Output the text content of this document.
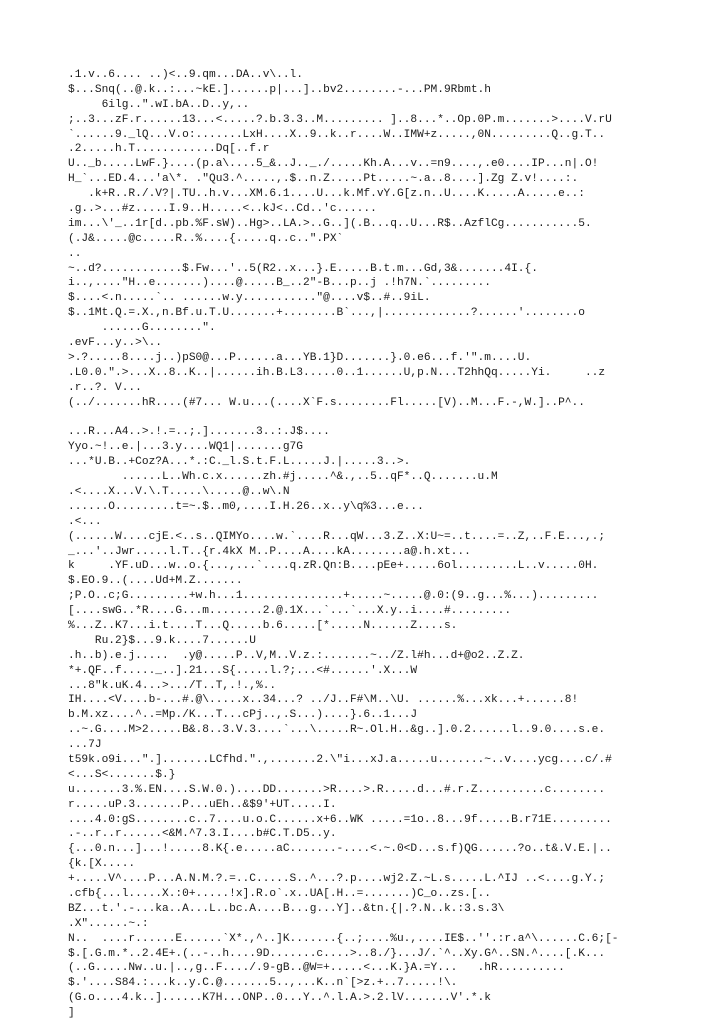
.1.v..6.... ..)<..9.qm...DA..v\..l.
$...Snq(..@.k..:...~kE.]......p|...]..bv2........-...PM.9Rbmt.h
6ilg..".wI.bA..D..y,..
;..3...zF.r......13...<.....?.b.3.3..M......... ]..8...*..Op.0P.m.......>....V.rU
`......9._lQ...V.o:.......LxH....X..9..k..r....W..IMW+z.....,0N.........Q..g.T..
.2.....h.T............Dq[..f.r
U.._b.....LwF.}....(p.a\....5_&..J.._./.....Kh.A...v..=n9....,.e0....IP...n|.O!
H_`...ED.4...'a\*. ."Qu3.^.....,.$..n.Z.....Pt.....~.a..8....].Zg Z.v!....:.
.k+R..R./.V?|.TU..h.v...XM.6.1....U...k.Mf.vY.G[z.n..U....K.....A.....e..:
.g..>...#z.....I.9..H.....<..kJ<..Cd..'c......
im...\'_..1r[d..pb.%F.sW)..Hg>..LA.>..G..](.B...q..U...R$..AzflCg...........5.
(.J&.....@c.....R..%....{.....q..c..".PX`
..
~..d?............$.Fw...'..5(R2..x...}.E.....B.t.m...Gd,3&.......4I.{.
i..,...."H..e.......)....@.....B_..2"-B...p..j .!h7N.`.........
$....<.n.....`.. ......w.y..........."@....v$..#..9iL.
$..1Mt.Q.=.X.,n.Bf.u.T.U.......+........B`...,|.............?......'........o
......G........".
.evF...y..>\..
>.?.....8....j..)pS0@...P......a...YB.1}D.......}.0.e6...f.'".m....U.
.L0.0.".>...X..8..K..|......ih.B.L3.....0..1......U,p.N...T2hhQq.....Yi.     ..z
.r..?. V...
(../.......hR....(#7... W.u...(....X`F.s........Fl.....[V)..M...F.-,W.]..P^..
...R...A4..>.!.=..;.].......3..:.J$....
Yyo.~!..e.|...3.y....WQ1|.......g7G
...*U.B..+Coz?A...*.:C._l.S.t.F.L.....J.|.....3..>.
......L..Wh.c.x......zh.#j.....^&.,..5..qF*..Q.......u.M
.<....X...V.\.T.....\.....@..w\.N
......O.........t=~.$..m0,....I.H.26..x..y\q%3...e...
.<...
(......W....cjE.<..s..QIMYo....w.`....R...qW...3.Z..X:U~=..t....=..Z,..F.E...,.;
_...'..Jwr.....l.T..{r.4kX M..P....A....kA........a@.h.xt...
k     .YF.uD...w..o.{...,...`....q.zR.Qn:B....pEe+.....6ol.........L..v.....0H.
$.EO.9..(....Ud+M.Z.......
;P.O..c;G.........+w.h...1...............+.....~.....@.0:(9..g...%...).........
[....swG..*R....G...m........2.@.1X...`...`...X.y..i....#.........
%...Z..K7...i.t....T...Q.....b.6.....[*.....N......Z....s.
Ru.2}$...9.k....7......U
.h..b).e.j.....  .y@.....P..V,M..V.z.:.......~../Z.l#h...d+@o2..Z.Z.
*+.QF..f....._..].21...S{.....l.?;...<#......'.X...W
...8"k.uK.4...>.../T..T,.!.,%..
IH....<V....b-...#.@\.....x..34...? ../J..F#\M..\U. ......%...xk...+......8!
b.M.xz....^..=Mp./K...T...cPj..,.S...)....}.6..1...J
..~.G....M>2.....B&.8..3.V.3....`...\.....R~.Ol.H..&g..].0.2......l..9.0....s.e.
...7J
t59k.o9i...".].......LCfhd.".,.......2.\"i...xJ.a.....u.......~..v....ycg....c/.#
<...S<.......$.}
u.......3.%.EN....S.W.0.)....DD.......>R....>.R.....d...#.r.Z..........c........
r.....uP.3.......P...uEh..&$9'+UT.....I.
....4.0:gS........c..7....u.o.C......x+6..WK .....=1o..8...9f.....B.r71E.........
.-..r..r......<&M.^7.3.I....b#C.T.D5..y.
{...0.n...]...!.....8.K{.e.....aC.......-....<.~.0<D...s.f)QG......?o..t&.V.E.|..
{k.[X.....
+.....V^....P...A.N.M.?.=..C.....S..^...?.p....wj2.Z.~L.s.....L.^IJ ..<....g.Y.;
.cfb{...l.....X.:0+.....!x].R.o`.x..UA[.H..=.......)C_o..zs.[..
BZ...t.'.-...ka..A...L..bc.A....B...g...Y]..&tn.{|.?.N..k.:3.s.3\
.X"......~.:
N..  ....r......E......`X*.,^..]K.......{..;....%u.,....IE$..''.:r.a^\......C.6;[-
$.[.G.m.*..2.4E+.(..-..h....9D.......c....>..8./}...J/.`^..Xy.G^..SN.^....[.K...
(..G.....Nw..u.|..,g..F..../.9-gB..@W=+.....<...K.}A.=Y...   .hR..........
$.'....S84.:...k..y.C.@.......5..,...K..n`[>z.+..7.....!\.
(G.o....4.k..]......K7H...ONP..0...Y..^.l.A.>.2.lV.......V'.*.k
]
